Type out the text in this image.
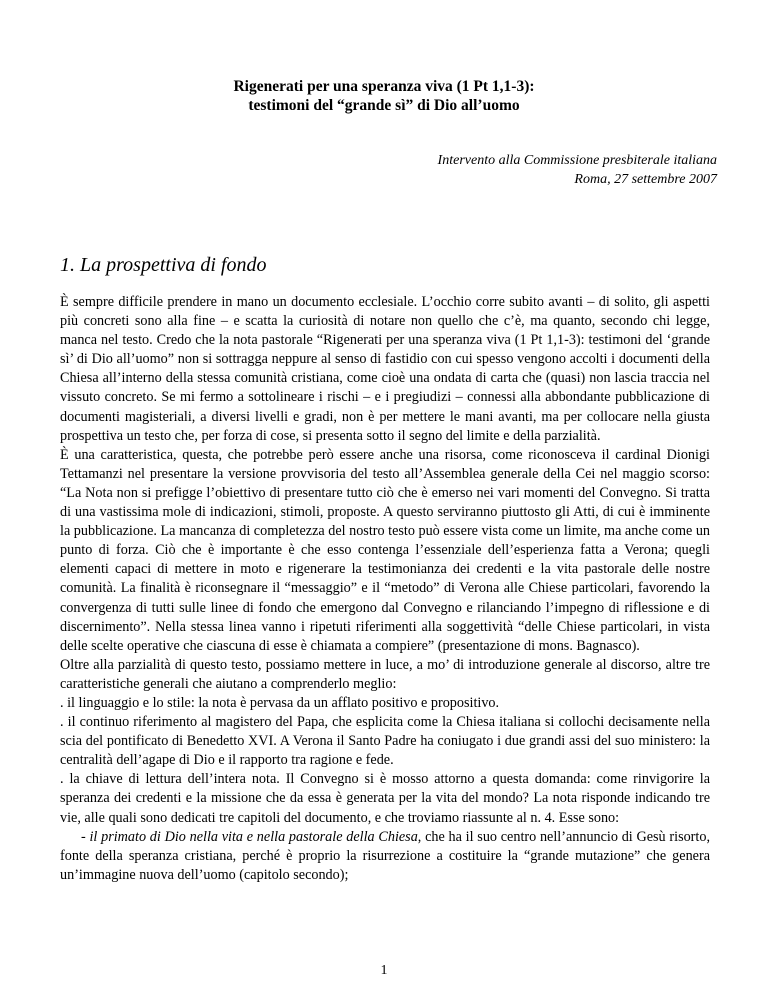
Rigenerati per una speranza viva (1 Pt 1,1-3):
testimoni del “grande sì” di Dio all’uomo
Intervento alla Commissione presbiterale italiana
Roma, 27 settembre 2007
1. La prospettiva di fondo

È sempre difficile prendere in mano un documento ecclesiale. L’occhio corre subito avanti – di solito, gli aspetti più concreti sono alla fine – e scatta la curiosità di notare non quello che c’è, ma quanto, secondo chi legge, manca nel testo. Credo che la nota pastorale “Rigenerati per una speranza viva (1 Pt 1,1-3): testimoni del ‘grande sì’ di Dio all’uomo” non si sottragga neppure al senso di fastidio con cui spesso vengono accolti i documenti della Chiesa all’interno della stessa comunità cristiana, come cioè una ondata di carta che (quasi) non lascia traccia nel vissuto concreto. Se mi fermo a sottolineare i rischi – e i pregiudizi – connessi alla abbondante pubblicazione di documenti magisteriali, a diversi livelli e gradi, non è per mettere le mani avanti, ma per collocare nella giusta prospettiva un testo che, per forza di cose, si presenta sotto il segno del limite e della parzialità.

È una caratteristica, questa, che potrebbe però essere anche una risorsa, come riconosceva il cardinal Dionigi Tettamanzi nel presentare la versione provvisoria del testo all’Assemblea generale della Cei nel maggio scorso: “La Nota non si prefigge l’obiettivo di presentare tutto ciò che è emerso nei vari momenti del Convegno. Si tratta di una vastissima mole di indicazioni, stimoli, proposte. A questo serviranno piuttosto gli Atti, di cui è imminente la pubblicazione. La mancanza di completezza del nostro testo può essere vista come un limite, ma anche come un punto di forza. Ciò che è importante è che esso contenga l’essenziale dell’esperienza fatta a Verona; quegli elementi capaci di mettere in moto e rigenerare la testimonianza dei credenti e la vita pastorale delle nostre comunità. La finalità è riconsegnare il “messaggio” e il “metodo” di Verona alle Chiese particolari, favorendo la convergenza di tutti sulle linee di fondo che emergono dal Convegno e rilanciando l’impegno di riflessione e di discernimento”. Nella stessa linea vanno i ripetuti riferimenti alla soggettività “delle Chiese particolari, in vista delle scelte operative che ciascuna di esse è chiamata a compiere” (presentazione di mons. Bagnasco).

Oltre alla parzialità di questo testo, possiamo mettere in luce, a mo’ di introduzione generale al discorso, altre tre caratteristiche generali che aiutano a comprenderlo meglio:

. il linguaggio e lo stile: la nota è pervasa da un afflato positivo e propositivo.

. il continuo riferimento al magistero del Papa, che esplicita come la Chiesa italiana si collochi decisamente nella scia del pontificato di Benedetto XVI. A Verona il Santo Padre ha coniugato i due grandi assi del suo ministero: la centralità dell’agape di Dio e il rapporto tra ragione e fede.

. la chiave di lettura dell’intera nota. Il Convegno si è mosso attorno a questa domanda: come rinvigorire la speranza dei credenti e la missione che da essa è generata per la vita del mondo? La nota risponde indicando tre vie, alle quali sono dedicati tre capitoli del documento, e che troviamo riassunte al n. 4. Esse sono:

- il primato di Dio nella vita e nella pastorale della Chiesa, che ha il suo centro nell’annuncio di Gesù risorto, fonte della speranza cristiana, perché è proprio la risurrezione a costituire la “grande mutazione” che genera un’immagine nuova dell’uomo (capitolo secondo);

1
